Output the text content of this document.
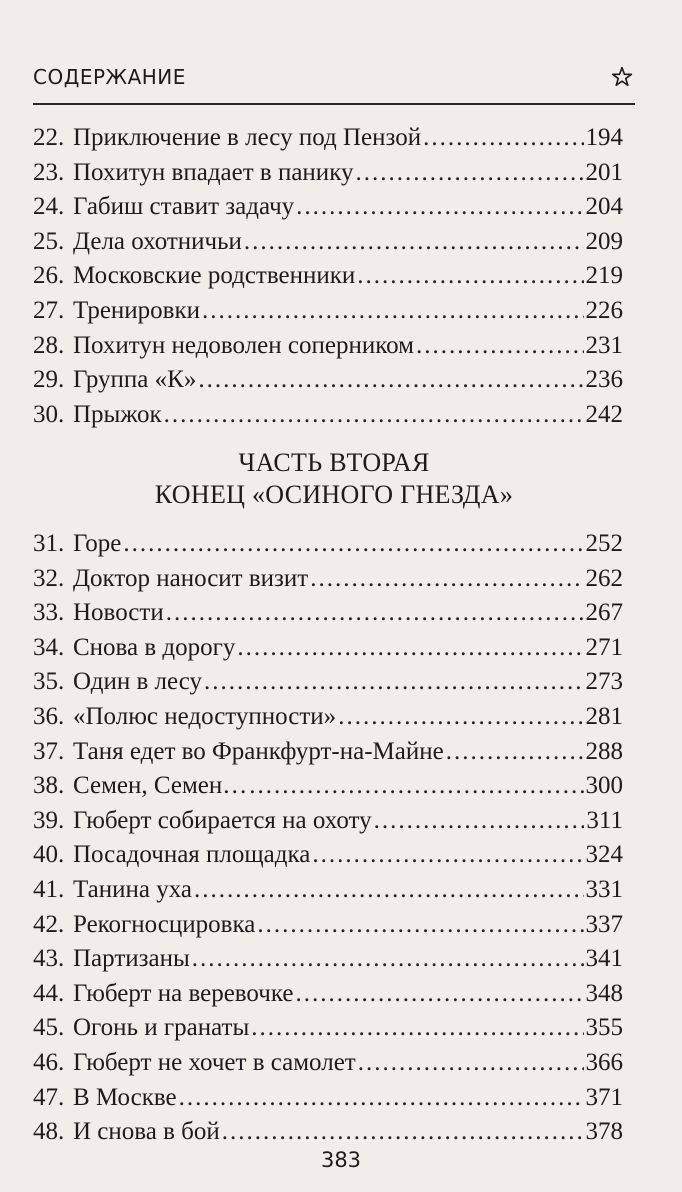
СОДЕРЖАНИЕ
22. Приключение в лесу под Пензой .....	194
23. Похитун впадает в панику .....	201
24. Габиш ставит задачу .....	204
25. Дела охотничьи .....	209
26. Московские родственники .....	219
27. Тренировки .....	226
28. Похитун недоволен соперником .....	231
29. Группа «К» .....	236
30. Прыжок .....	242
ЧАСТЬ ВТОРАЯ
КОНЕЦ «ОСИНОГО ГНЕЗДА»
31. Горе .....	252
32. Доктор наносит визит .....	262
33. Новости .....	267
34. Снова в дорогу .....	271
35. Один в лесу .....	273
36. «Полюс недоступности» .....	281
37. Таня едет во Франкфурт-на-Майне .....	288
38. Семен, Семен… .....	300
39. Гюберт собирается на охоту .....	311
40. Посадочная площадка .....	324
41. Танина уха .....	331
42. Рекогносцировка .....	337
43. Партизаны .....	341
44. Гюберт на веревочке .....	348
45. Огонь и гранаты .....	355
46. Гюберт не хочет в самолет .....	366
47. В Москве .....	371
48. И снова в бой .....	378
383
